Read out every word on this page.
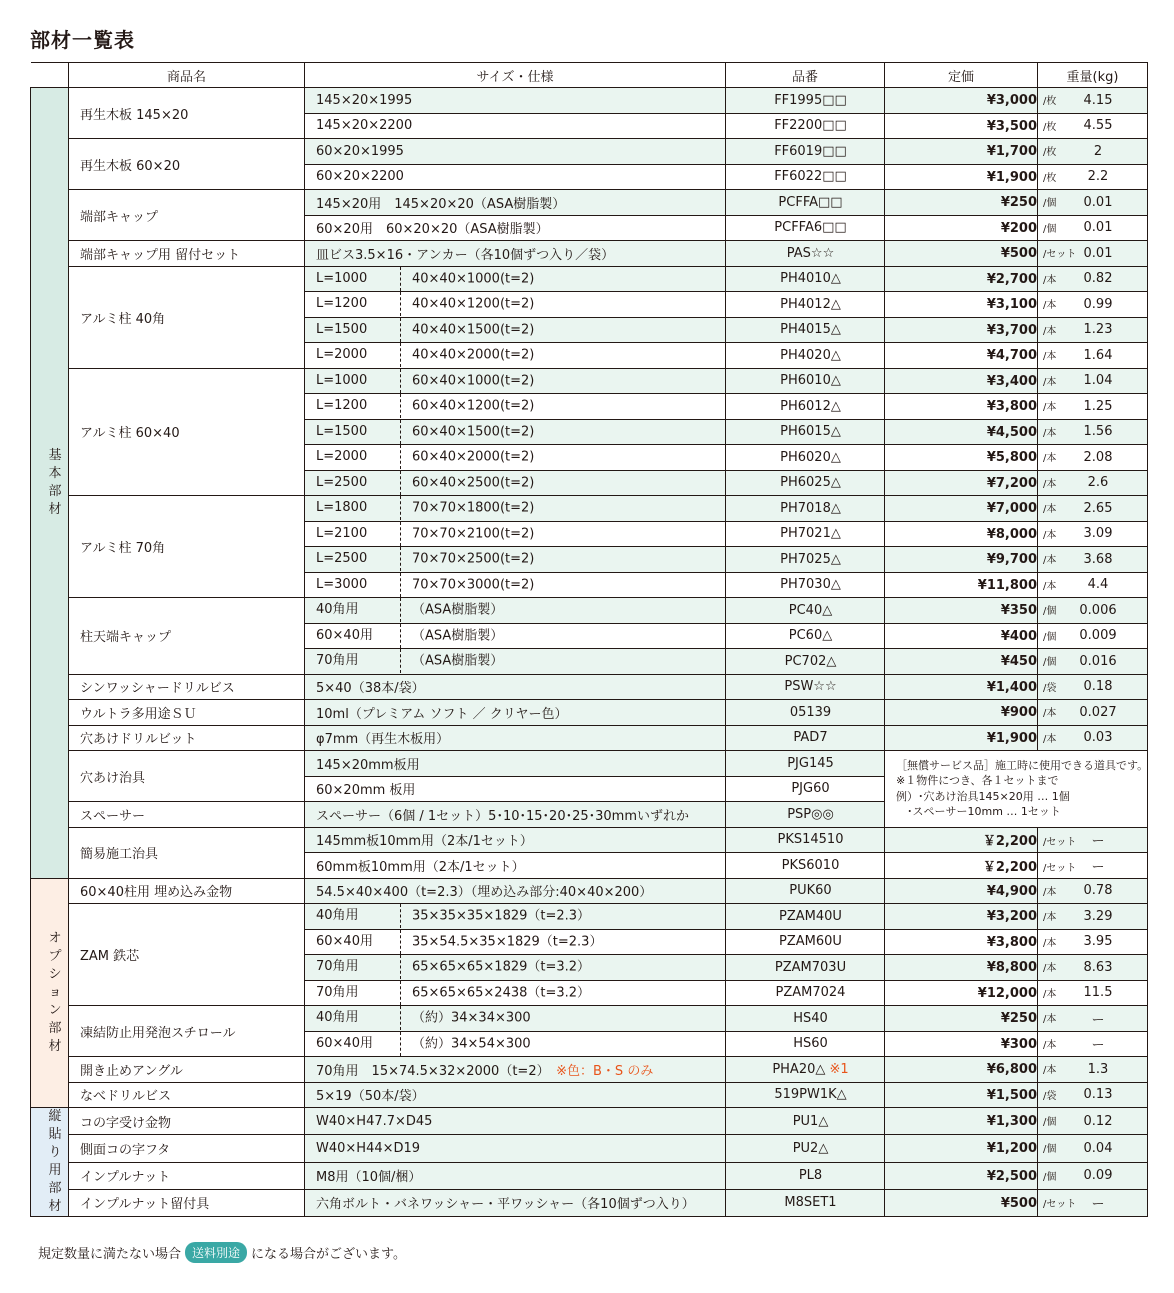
部材一覧表
	商品名	サイズ・仕様	品番	定価	重量(kg)
基本部材	再生木板 145×20	145×20×1995	FF1995□□	¥3,000 /枚	4.15
		145×20×2200	FF2200□□	¥3,500 /枚	4.55
	再生木板 60×20	60×20×1995	FF6019□□	¥1,700 /枚	2
		60×20×2200	FF6022□□	¥1,900 /枚	2.2
	端部キャップ	145×20用　145×20×20（ASA樹脂製）	PCFFA□□	¥250 /個	0.01
		60×20用　60×20×20（ASA樹脂製）	PCFFA6□□	¥200 /個	0.01
	端部キャップ用 留付セット	皿ビス3.5×16・アンカー（各10個ずつ入り／袋）	PAS☆☆	¥500 /セット	0.01
	アルミ柱 40角	L=1000 40×40×1000(t=2)	PH4010△	¥2,700 /本	0.82
		L=1200 40×40×1200(t=2)	PH4012△	¥3,100 /本	0.99
		L=1500 40×40×1500(t=2)	PH4015△	¥3,700 /本	1.23
		L=2000 40×40×2000(t=2)	PH4020△	¥4,700 /本	1.64
	アルミ柱 60×40	L=1000 60×40×1000(t=2)	PH6010△	¥3,400 /本	1.04
		L=1200 60×40×1200(t=2)	PH6012△	¥3,800 /本	1.25
		L=1500 60×40×1500(t=2)	PH6015△	¥4,500 /本	1.56
		L=2000 60×40×2000(t=2)	PH6020△	¥5,800 /本	2.08
		L=2500 60×40×2500(t=2)	PH6025△	¥7,200 /本	2.6
	アルミ柱 70角	L=1800 70×70×1800(t=2)	PH7018△	¥7,000 /本	2.65
		L=2100 70×70×2100(t=2)	PH7021△	¥8,000 /本	3.09
		L=2500 70×70×2500(t=2)	PH7025△	¥9,700 /本	3.68
		L=3000 70×70×3000(t=2)	PH7030△	¥11,800 /本	4.4
	柱天端キャップ	40角用 （ASA樹脂製）	PC40△	¥350 /個	0.006
		60×40用 （ASA樹脂製）	PC60△	¥400 /個	0.009
		70角用 （ASA樹脂製）	PC702△	¥450 /個	0.016
	シンワッシャードリルビス	5×40（38本/袋）	PSW☆☆	¥1,400 /袋	0.18
	ウルトラ多用途ＳＵ	10ml（プレミアム ソフト ／ クリヤー色）	05139	¥900 /本	0.027
	穴あけドリルビット	φ7mm（再生木板用）	PAD7	¥1,900 /本	0.03
	穴あけ治具	145×20mm板用	PJG145	［無償サービス品］施工時に使用できる道具です。
※１物件につき、各１セットまで
例）･穴あけ治具145×20用 … 1個
　･スペーサー10mm … 1セット	

		60×20mm 板用	PJG60		
	スペーサー	スペーサー（6個 / 1セット）5･10･15･20･25･30mmいずれか	PSP◎◎		
	簡易施工治具	145mm板10mm用（2本/1セット）	PKS14510	￥2,200 /セット	ー
		60mm板10mm用（2本/1セット）	PKS6010	￥2,200 /セット	ー
オプション部材	60×40柱用 埋め込み金物	54.5×40×400（t=2.3）（埋め込み部分:40×40×200）	PUK60	¥4,900 /本	0.78
	ZAM 鉄芯	40角用 35×35×35×1829（t=2.3）	PZAM40U	¥3,200 /本	3.29
		60×40用 35×54.5×35×1829（t=2.3）	PZAM60U	¥3,800 /本	3.95
		70角用 65×65×65×1829（t=3.2）	PZAM703U	¥8,800 /本	8.63
		70角用 65×65×65×2438（t=3.2）	PZAM7024	¥12,000 /本	11.5
	凍結防止用発泡スチロール	40角用 （約）34×34×300	HS40	¥250 /本	ー
		60×40用 （約）34×54×300	HS60	¥300 /本	ー
	開き止めアングル	70角用　15×74.5×32×2000（t=2）　 ※色：B・S のみ	PHA20△ ※1	¥6,800 /本	1.3
	なべドリルビス	5×19（50本/袋）	519PW1K△	¥1,500 /袋	0.13
縦貼り用部材	コの字受け金物	W40×H47.7×D45	PU1△	¥1,300 /個	0.12
	側面コの字フタ	W40×H44×D19	PU2△	¥1,200 /個	0.04
	インプルナット	M8用（10個/梱）	PL8	¥2,500 /個	0.09
	インプルナット留付具	六角ボルト・バネワッシャー・平ワッシャー（各10個ずつ入り）	M8SET1	¥500 /セット	ー
規定数量に満たない場合 送料別途 になる場合がございます。
